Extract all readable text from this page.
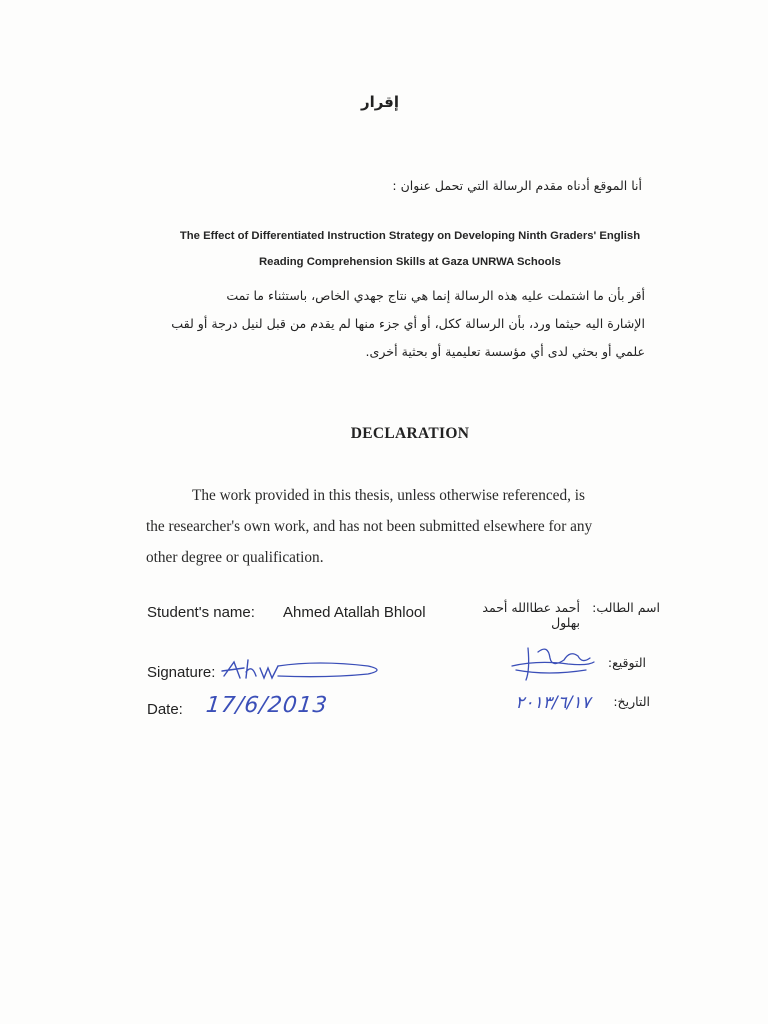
إقرار
أنا الموقع أدناه مقدم الرسالة التي تحمل عنوان :
The Effect of Differentiated Instruction Strategy on Developing Ninth Graders' English
Reading Comprehension Skills at Gaza UNRWA Schools
أقر بأن ما اشتملت عليه هذه الرسالة إنما هي نتاج جهدي الخاص، باستثناء ما تمت
الإشارة اليه حيثما ورد، بأن الرسالة ككل، أو أي جزء منها لم يقدم من قبل لنيل درجة أو لقب
علمي أو بحثي لدى أي مؤسسة تعليمية أو بحثية أخرى.
DECLARATION
The work provided in this thesis, unless otherwise referenced, is
the researcher's own work, and has not been submitted elsewhere for any
other degree or qualification.
Student's name: Ahmed Atallah Bhlool	اسم الطالب:
أحمد عطاالله أحمد بهلول
Signature:
التوقيع:
Date: 17/6/2013	التاريخ:
٢٠١٣/٦/١٧
